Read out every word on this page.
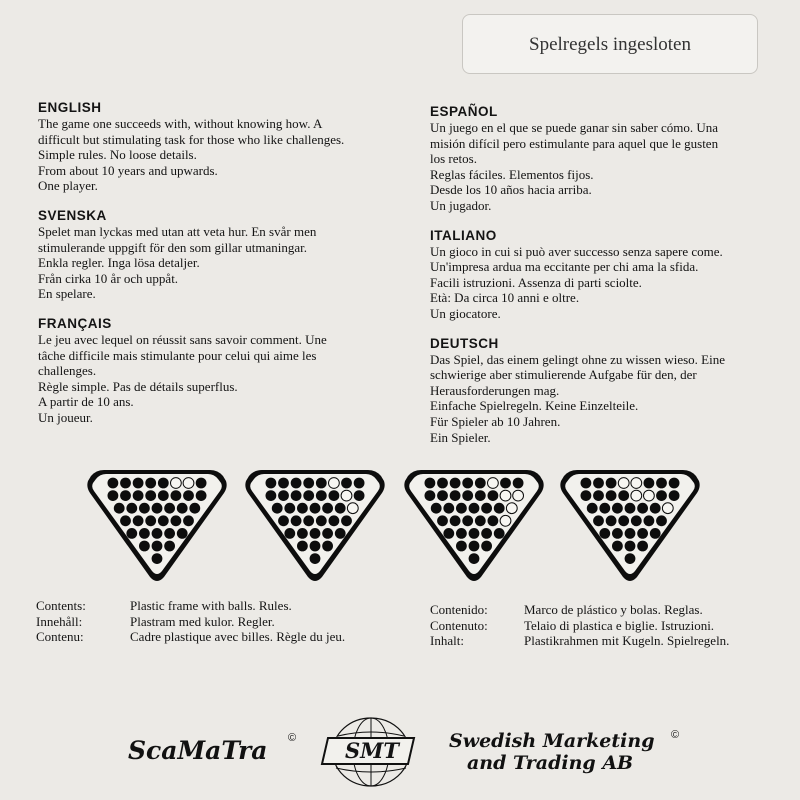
Spelregels ingesloten
ENGLISH
The game one succeeds with, without knowing how. A
difficult but stimulating task for those who like challenges.
Simple rules. No loose details.
From about 10 years and upwards.
One player.
SVENSKA
Spelet man lyckas med utan att veta hur. En svår men
stimulerande uppgift för den som gillar utmaningar.
Enkla regler. Inga lösa detaljer.
Från cirka 10 år och uppåt.
En spelare.
FRANÇAIS
Le jeu avec lequel on réussit sans savoir comment. Une
tâche difficile mais stimulante pour celui qui aime les
challenges.
Règle simple. Pas de détails superflus.
A partir de 10 ans.
Un joueur.
ESPAÑOL
Un juego en el que se puede ganar sin saber cómo. Una
misión difícil pero estimulante para aquel que le gusten
los retos.
Reglas fáciles. Elementos fijos.
Desde los 10 años hacia arriba.
Un jugador.
ITALIANO
Un gioco in cui si può aver successo senza sapere come.
Un'impresa ardua ma eccitante per chi ama la sfida.
Facili istruzioni. Assenza di parti sciolte.
Età: Da circa 10 anni e oltre.
Un giocatore.
DEUTSCH
Das Spiel, das einem gelingt ohne zu wissen wieso. Eine
schwierige aber stimulierende Aufgabe für den, der
Herausforderungen mag.
Einfache Spielregeln. Keine Einzelteile.
Für Spieler ab 10 Jahren.
Ein Spieler.
Contents:	Plastic frame with balls. Rules.
Innehåll:	Plastram med kulor. Regler.
Contenu:	Cadre plastique avec billes. Règle du jeu.
Contenido:	Marco de plástico y bolas. Reglas.
Contenuto:	Telaio di plastica e biglie. Istruzioni.
Inhalt:	Plastikrahmen mit Kugeln. Spielregeln.
ScaMaTra ©	SMT	Swedish Marketing
and Trading AB
©
